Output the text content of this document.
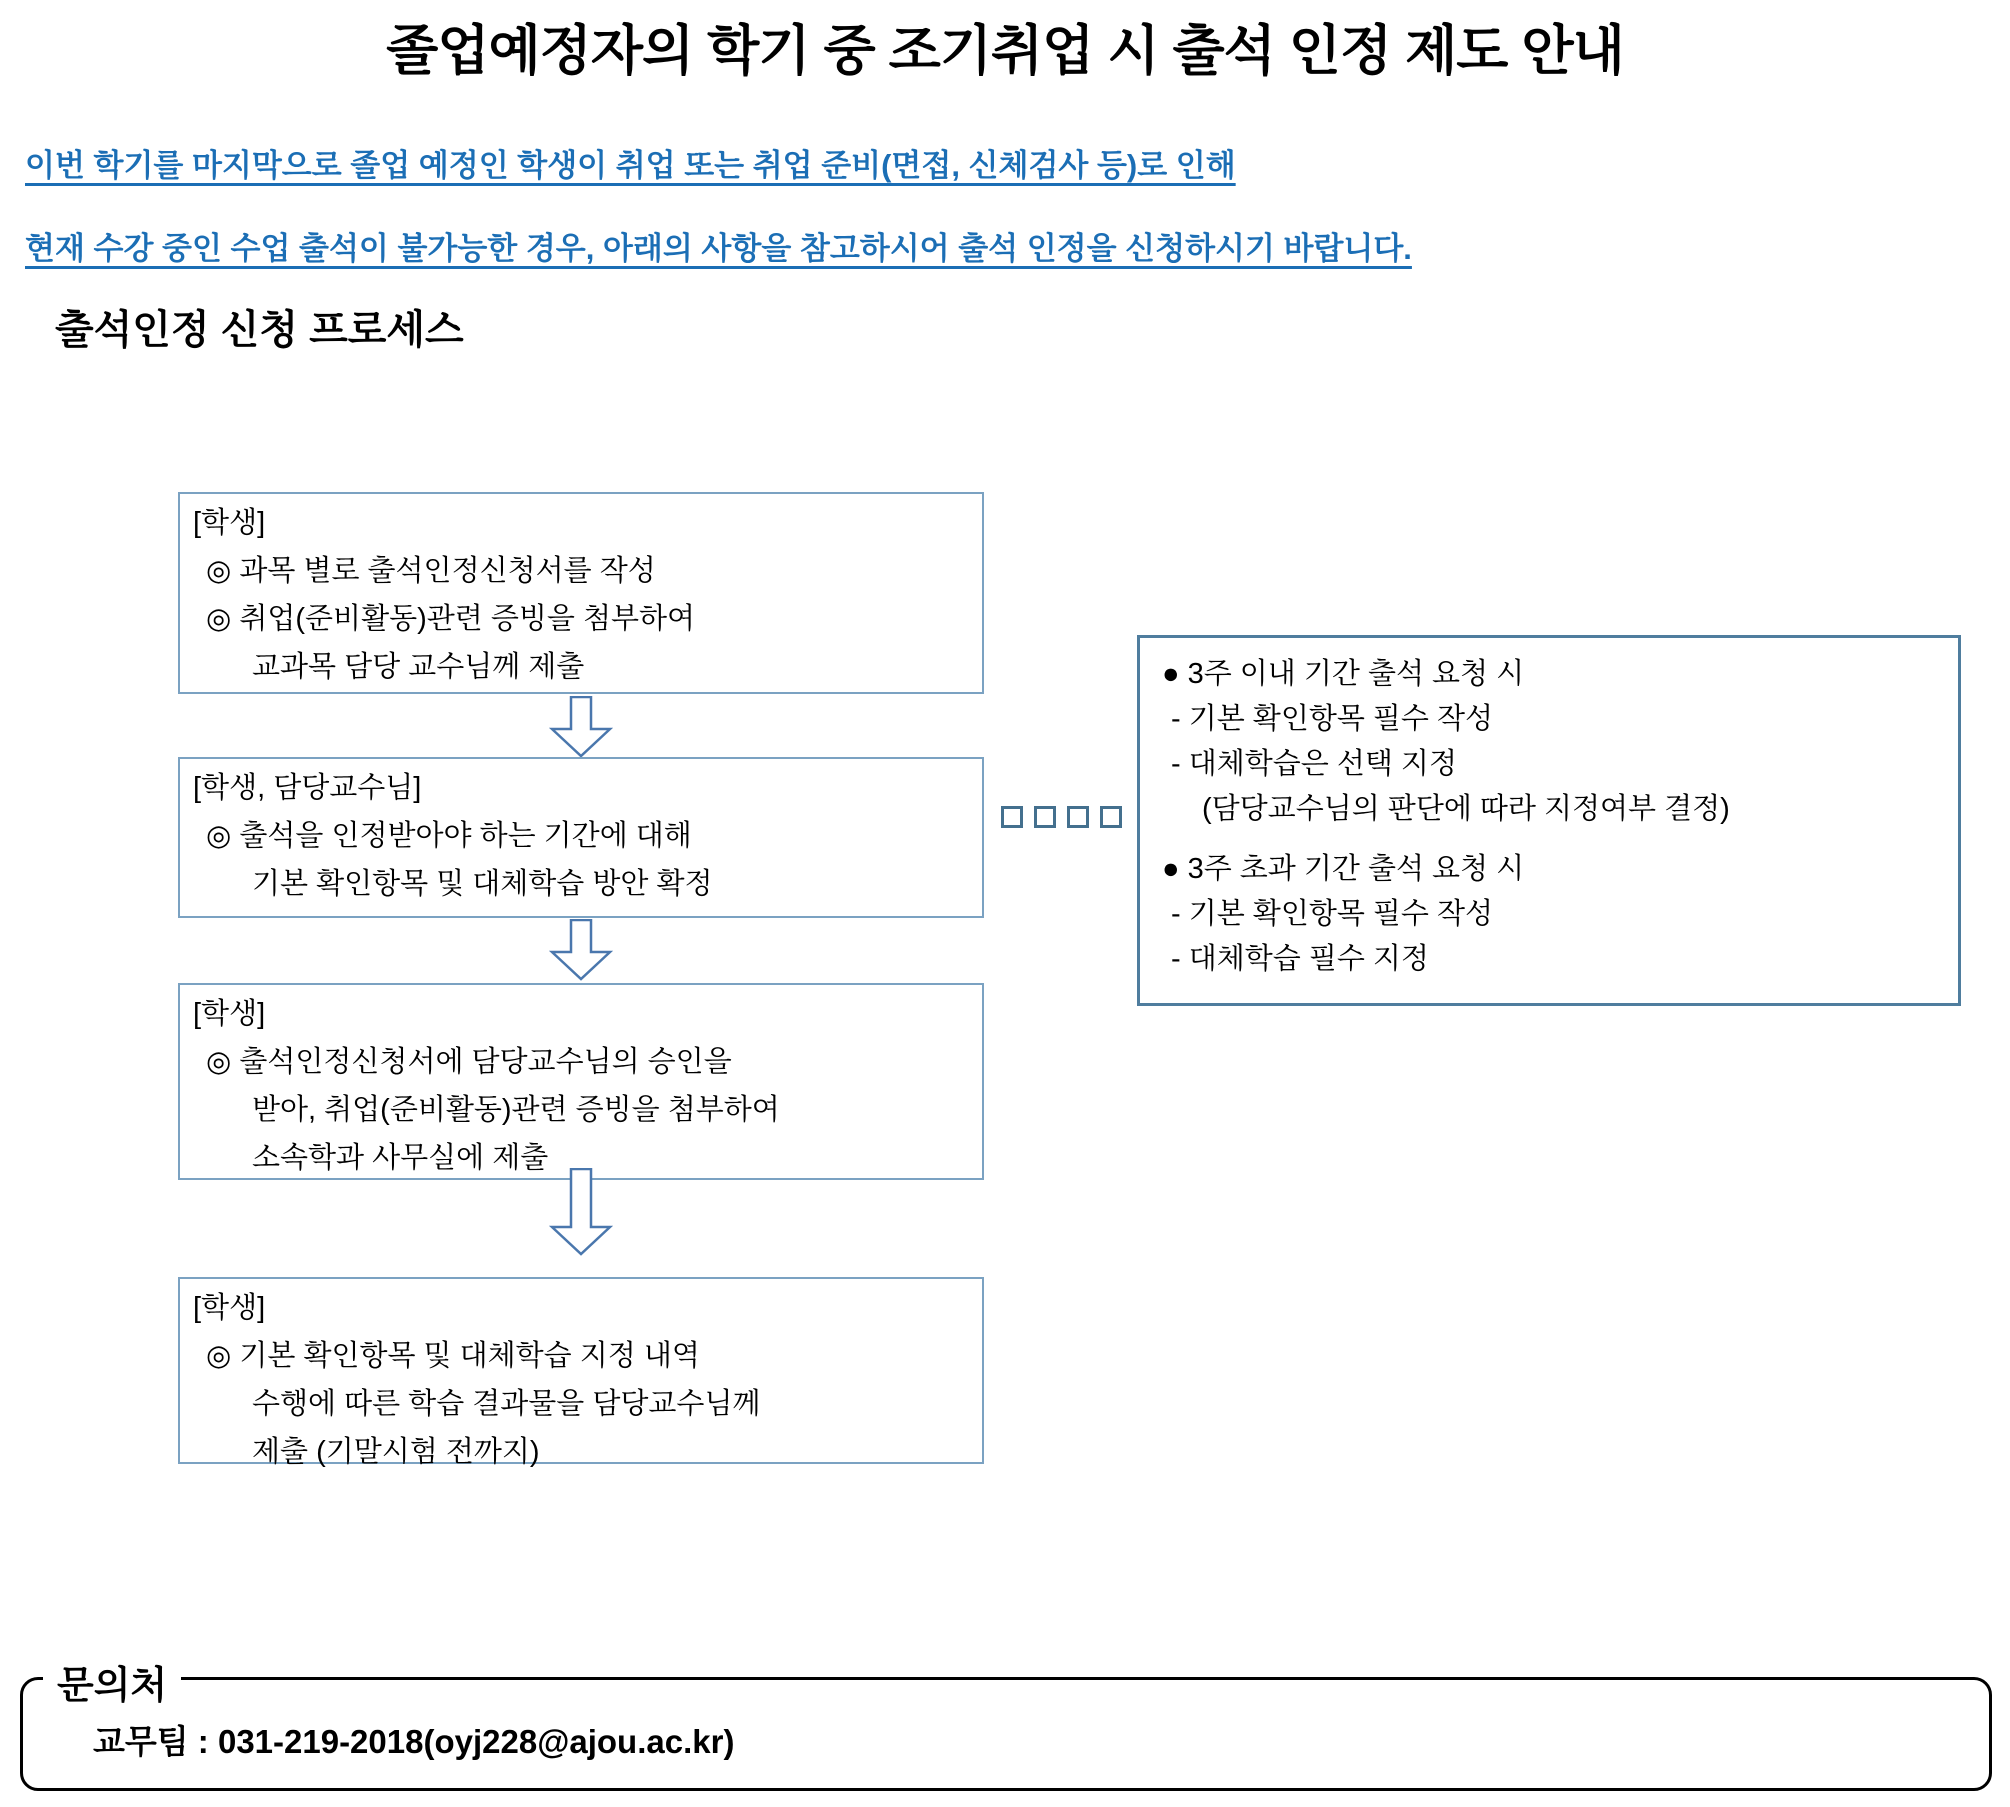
졸업예정자의 학기 중 조기취업 시 출석 인정 제도 안내

이번 학기를 마지막으로 졸업 예정인 학생이 취업 또는 취업 준비(면접, 신체검사 등)로 인해

현재 수강 중인 수업 출석이 불가능한 경우, 아래의 사항을 참고하시어 출석 인정을 신청하시기 바랍니다.

출석인정 신청 프로세스
[학생]
◎ 과목 별로 출석인정신청서를 작성
◎ 취업(준비활동)관련 증빙을 첨부하여
교과목 담당 교수님께 제출
[학생, 담당교수님]
◎ 출석을 인정받아야 하는 기간에 대해
기본 확인항목 및 대체학습 방안 확정
[학생]
◎ 출석인정신청서에 담당교수님의 승인을
받아, 취업(준비활동)관련 증빙을 첨부하여
소속학과 사무실에 제출
[학생]
◎ 기본 확인항목 및 대체학습 지정 내역
수행에 따른 학습 결과물을 담당교수님께
제출 (기말시험 전까지)
● 3주 이내 기간 출석 요청 시
- 기본 확인항목 필수 작성
- 대체학습은 선택 지정
(담당교수님의 판단에 따라 지정여부 결정)
● 3주 초과 기간 출석 요청 시
- 기본 확인항목 필수 작성
- 대체학습 필수 지정
문의처
교무팀 : 031-219-2018(oyj228@ajou.ac.kr)
